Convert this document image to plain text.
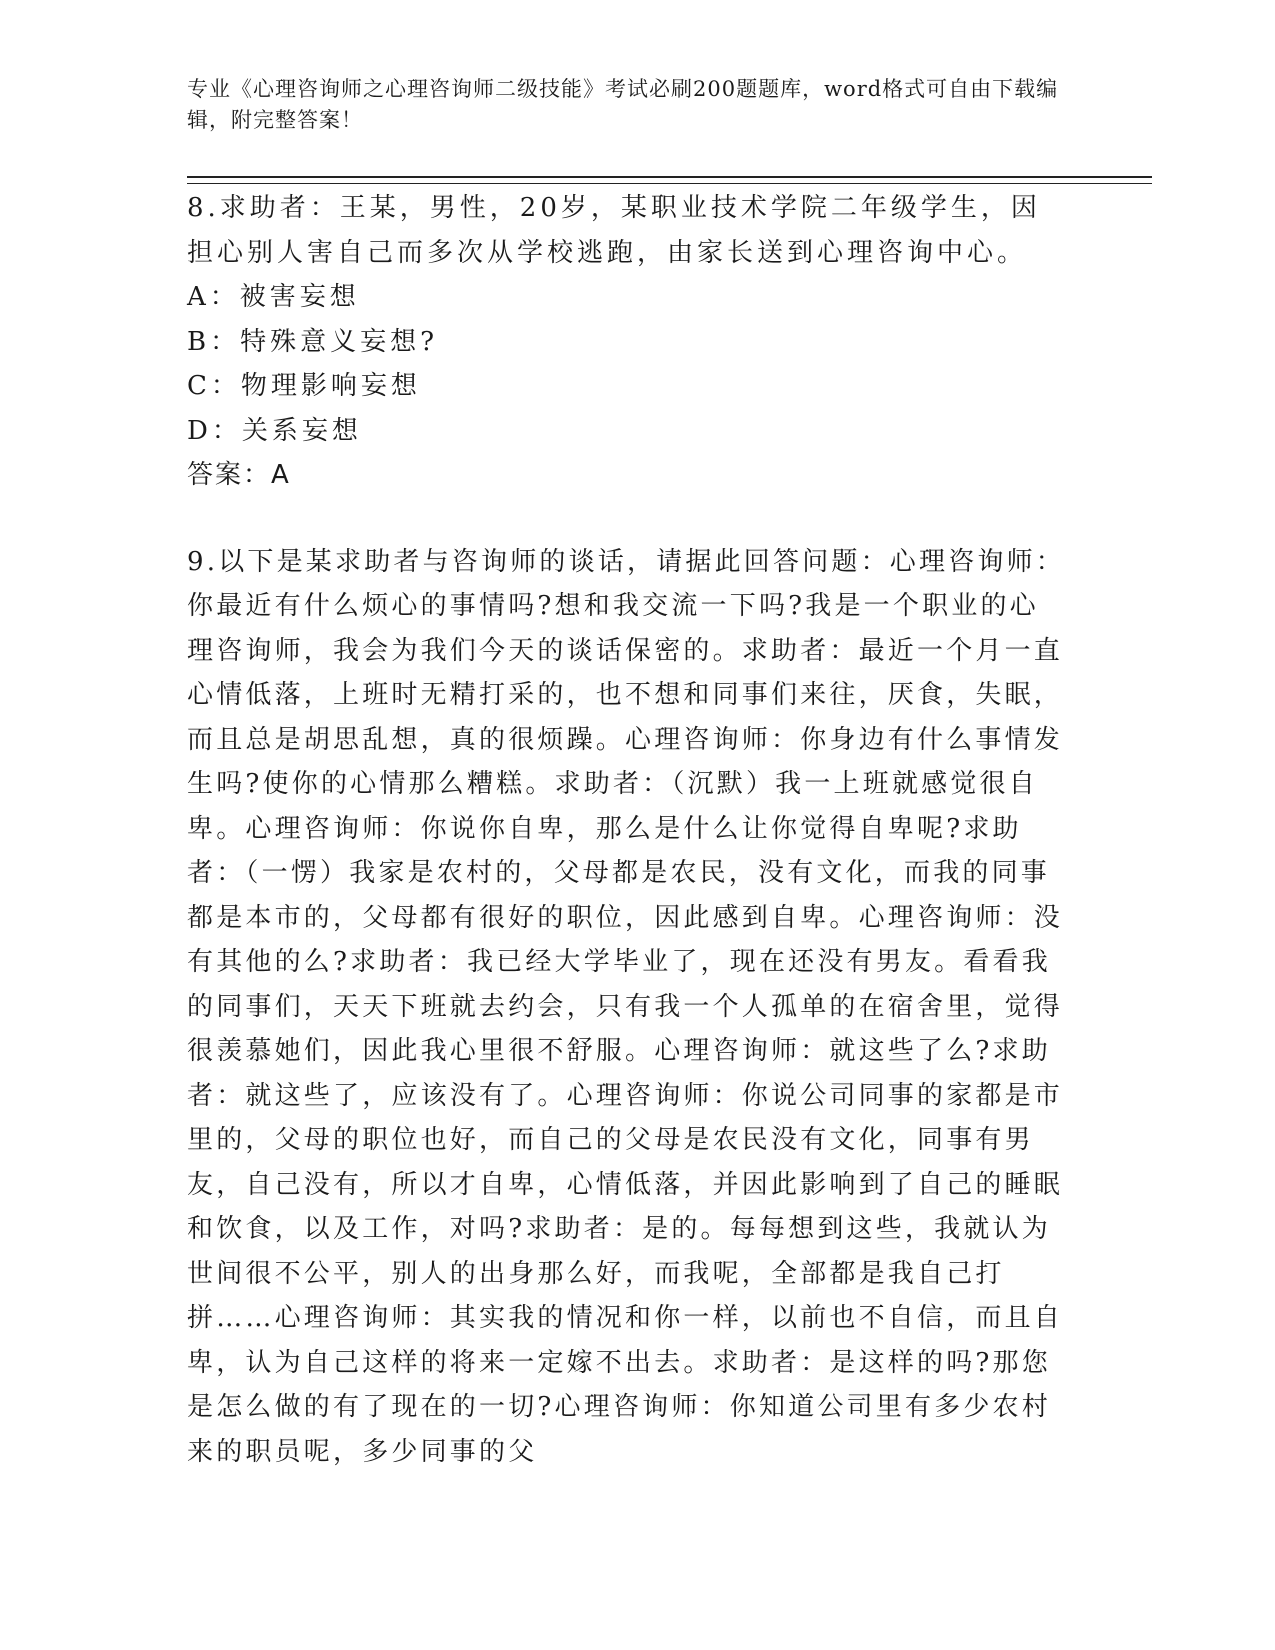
专业《心理咨询师之心理咨询师二级技能》考试必刷200题题库，word格式可自由下载编辑，附完整答案！

8.求助者：王某，男性，20岁，某职业技术学院二年级学生，因担心别人害自己而多次从学校逃跑，由家长送到心理咨询中心。

A：被害妄想

B：特殊意义妄想?

C：物理影响妄想

D：关系妄想

答案：A

9.以下是某求助者与咨询师的谈话，请据此回答问题：心理咨询师：你最近有什么烦心的事情吗?想和我交流一下吗?我是一个职业的心理咨询师，我会为我们今天的谈话保密的。求助者：最近一个月一直心情低落，上班时无精打采的，也不想和同事们来往，厌食，失眠，而且总是胡思乱想，真的很烦躁。心理咨询师：你身边有什么事情发生吗?使你的心情那么糟糕。求助者：（沉默）我一上班就感觉很自卑。心理咨询师：你说你自卑，那么是什么让你觉得自卑呢?求助者：（一愣）我家是农村的，父母都是农民，没有文化，而我的同事都是本市的，父母都有很好的职位，因此感到自卑。心理咨询师：没有其他的么?求助者：我已经大学毕业了，现在还没有男友。看看我的同事们，天天下班就去约会，只有我一个人孤单的在宿舍里，觉得很羡慕她们，因此我心里很不舒服。心理咨询师：就这些了么?求助者：就这些了，应该没有了。心理咨询师：你说公司同事的家都是市里的，父母的职位也好，而自己的父母是农民没有文化，同事有男友，自己没有，所以才自卑，心情低落，并因此影响到了自己的睡眠和饮食，以及工作，对吗?求助者：是的。每每想到这些，我就认为世间很不公平，别人的出身那么好，而我呢，全部都是我自己打拼……心理咨询师：其实我的情况和你一样，以前也不自信，而且自卑，认为自己这样的将来一定嫁不出去。求助者：是这样的吗?那您是怎么做的有了现在的一切?心理咨询师：你知道公司里有多少农村来的职员呢，多少同事的父
